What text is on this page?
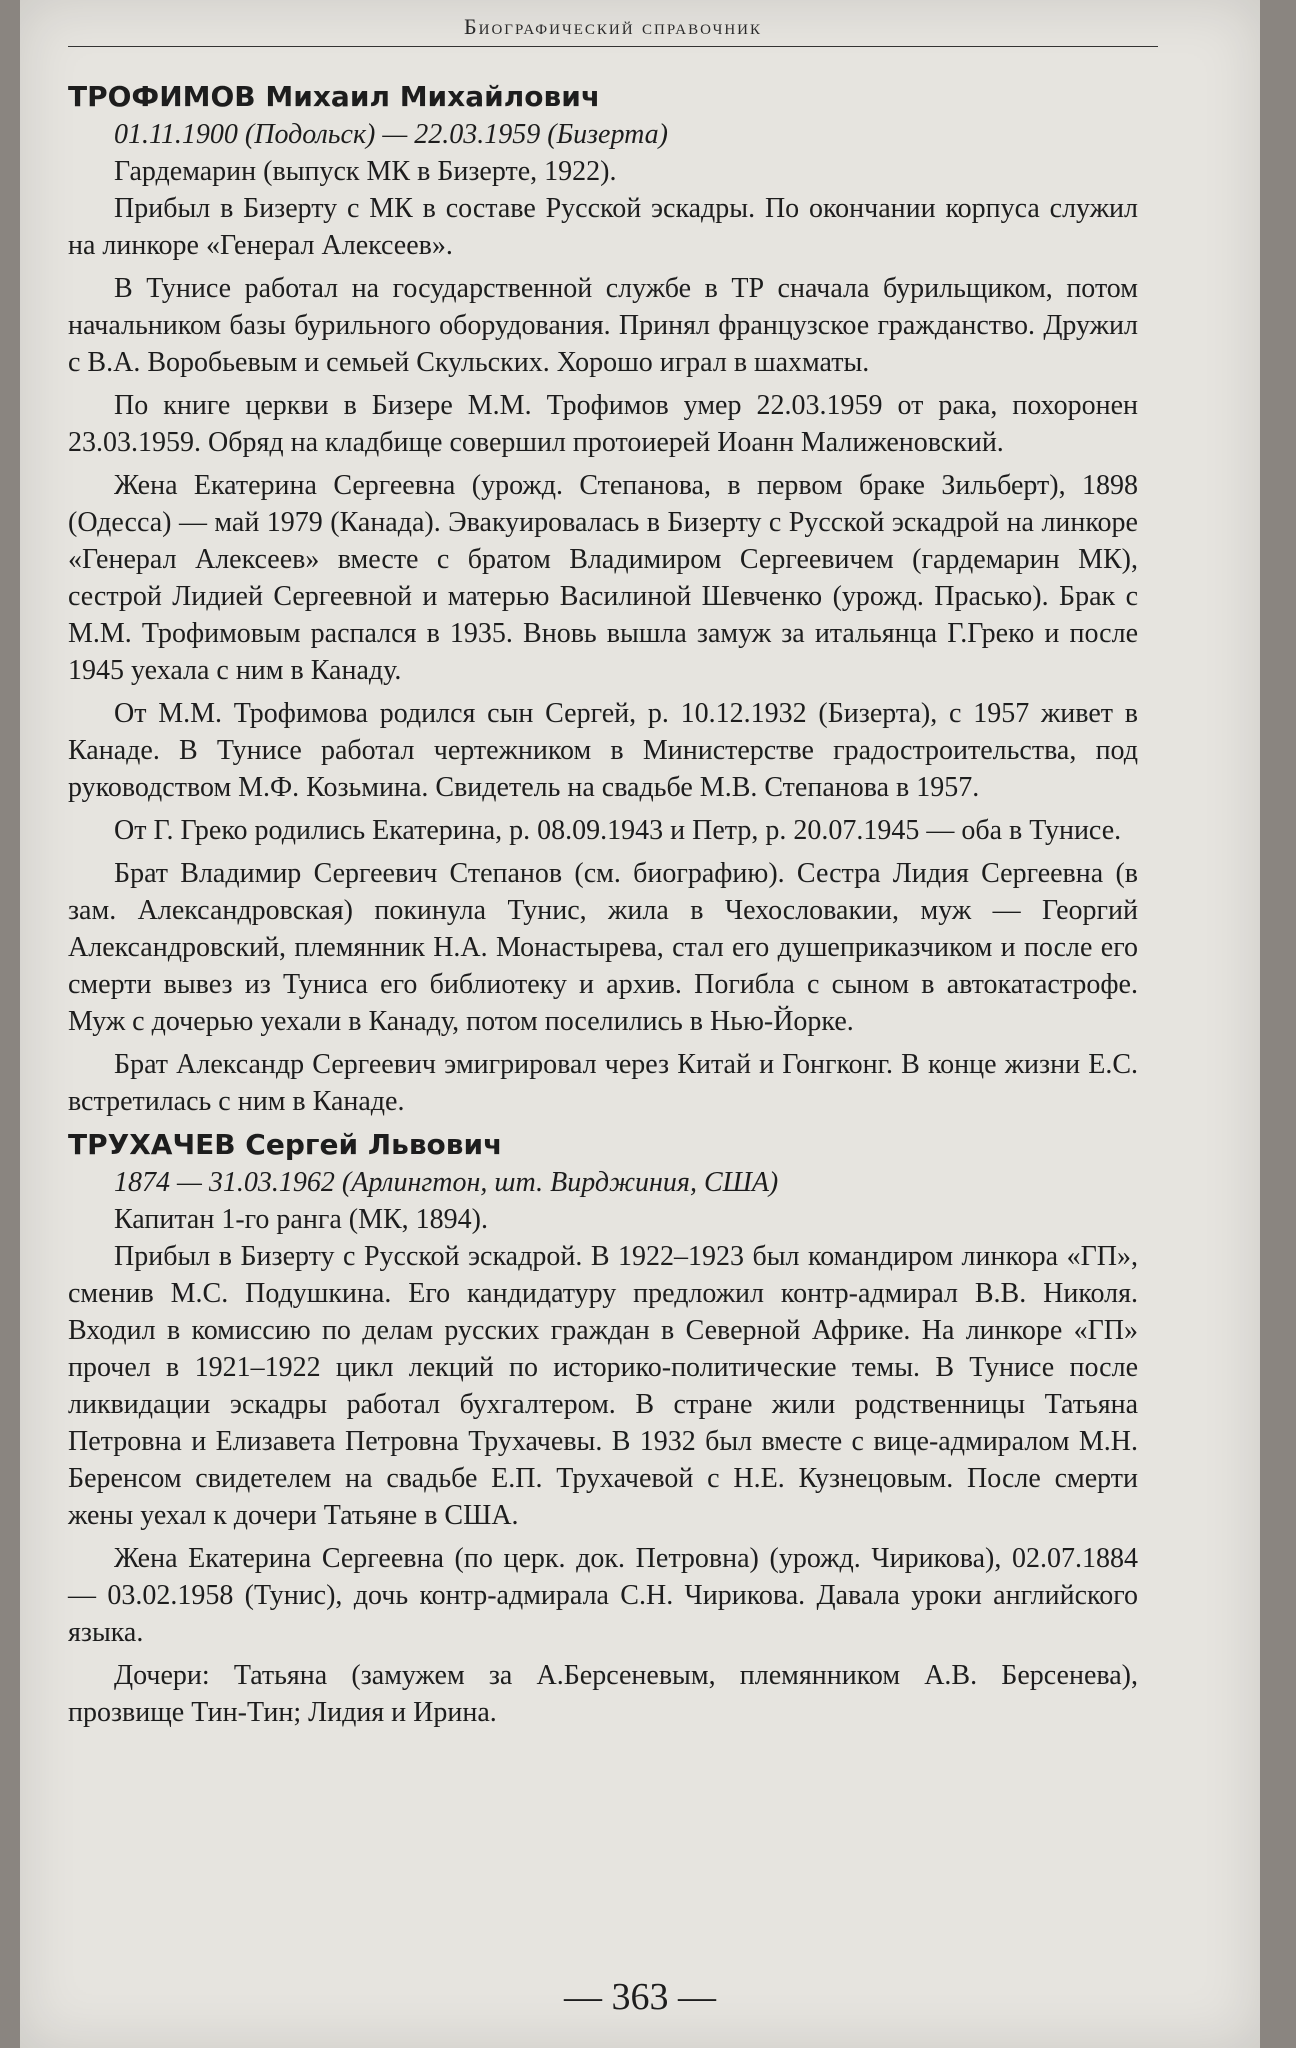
Биографический справочник
ТРОФИМОВ Михаил Михайлович
01.11.1900 (Подольск) — 22.03.1959 (Бизерта)
Гардемарин (выпуск МК в Бизерте, 1922).

Прибыл в Бизерту с МК в составе Русской эскадры. По окончании корпуса служил на линкоре «Генерал Алексеев».

В Тунисе работал на государственной службе в ТР сначала бурильщиком, потом начальником базы бурильного оборудования. Принял французское гражданство. Дружил с В.А. Воробьевым и семьей Скульских. Хорошо играл в шахматы.

По книге церкви в Бизере М.М. Трофимов умер 22.03.1959 от рака, похоронен 23.03.1959. Обряд на кладбище совершил протоиерей Иоанн Малиженовский.

Жена Екатерина Сергеевна (урожд. Степанова, в первом браке Зильберт), 1898 (Одесса) — май 1979 (Канада). Эвакуировалась в Бизерту с Русской эскадрой на линкоре «Генерал Алексеев» вместе с братом Владимиром Сергеевичем (гардемарин МК), сестрой Лидией Сергеевной и матерью Василиной Шевченко (урожд. Прасько). Брак с М.М. Трофимовым распался в 1935. Вновь вышла замуж за итальянца Г.Греко и после 1945 уехала с ним в Канаду.

От М.М. Трофимова родился сын Сергей, р. 10.12.1932 (Бизерта), с 1957 живет в Канаде. В Тунисе работал чертежником в Министерстве градостроительства, под руководством М.Ф. Козьмина. Свидетель на свадьбе М.В. Степанова в 1957.

От Г. Греко родились Екатерина, р. 08.09.1943 и Петр, р. 20.07.1945 — оба в Тунисе.

Брат Владимир Сергеевич Степанов (см. биографию). Сестра Лидия Сергеевна (в зам. Александровская) покинула Тунис, жила в Чехословакии, муж — Георгий Александровский, племянник Н.А. Монастырева, стал его душеприказчиком и после его смерти вывез из Туниса его библиотеку и архив. Погибла с сыном в автокатастрофе. Муж с дочерью уехали в Канаду, потом поселились в Нью-Йорке.

Брат Александр Сергеевич эмигрировал через Китай и Гонгконг. В конце жизни Е.С. встретилась с ним в Канаде.

ТРУХАЧЕВ Сергей Львович
1874 — 31.03.1962 (Арлингтон, шт. Вирджиния, США)
Капитан 1-го ранга (МК, 1894).

Прибыл в Бизерту с Русской эскадрой. В 1922–1923 был командиром линкора «ГП», сменив М.С. Подушкина. Его кандидатуру предложил контр-адмирал В.В. Николя. Входил в комиссию по делам русских граждан в Северной Африке. На линкоре «ГП» прочел в 1921–1922 цикл лекций по историко-политические темы. В Тунисе после ликвидации эскадры работал бухгалтером. В стране жили родственницы Татьяна Петровна и Елизавета Петровна Трухачевы. В 1932 был вместе с вице-адмиралом М.Н. Беренсом свидетелем на свадьбе Е.П. Трухачевой с Н.Е. Кузнецовым. После смерти жены уехал к дочери Татьяне в США.

Жена Екатерина Сергеевна (по церк. док. Петровна) (урожд. Чирикова), 02.07.1884 — 03.02.1958 (Тунис), дочь контр-адмирала С.Н. Чирикова. Давала уроки английского языка.

Дочери: Татьяна (замужем за А.Берсеневым, племянником А.В. Берсенева), прозвище Тин-Тин; Лидия и Ирина.

— 363 —
